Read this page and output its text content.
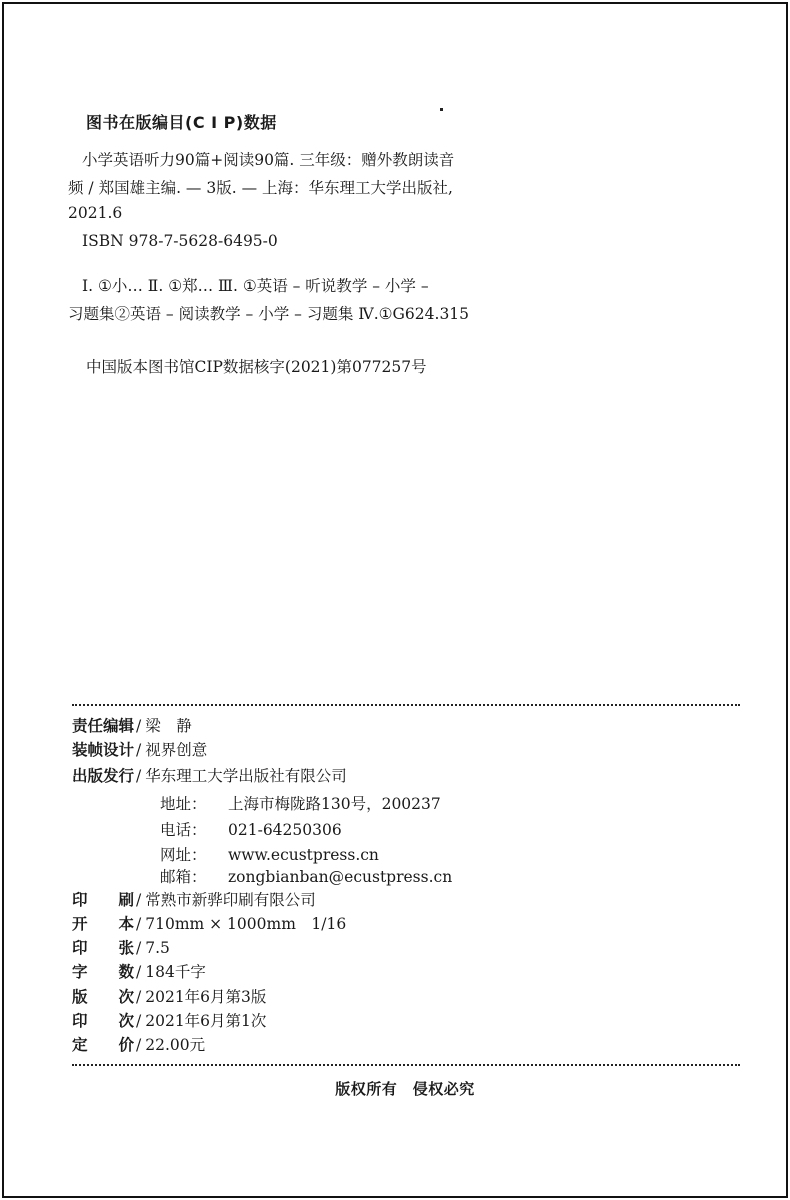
图书在版编目(C I P)数据
小学英语听力90篇+阅读90篇. 三年级：赠外教朗读音
频 / 郑国雄主编. — 3版. — 上海：华东理工大学出版社,
2021.6
ISBN 978-7-5628-6495-0
Ⅰ. ①小… Ⅱ. ①郑… Ⅲ. ①英语 – 听说教学 – 小学 –
习题集②英语 – 阅读教学 – 小学 – 习题集 Ⅳ.①G624.315
中国版本图书馆CIP数据核字(2021)第077257号
责任编辑 / 梁　静
装帧设计 / 视界创意
出版发行 / 华东理工大学出版社有限公司
地址： 上海市梅陇路130号，200237
电话： 021-64250306
网址： www.ecustpress.cn
邮箱： zongbianban@ecustpress.cn
印 刷 / 常熟市新骅印刷有限公司
开 本 / 710mm × 1000mm　1/16
印 张 / 7.5
字 数 / 184千字
版 次 / 2021年6月第3版
印 次 / 2021年6月第1次
定 价 / 22.00元
版权所有　侵权必究
